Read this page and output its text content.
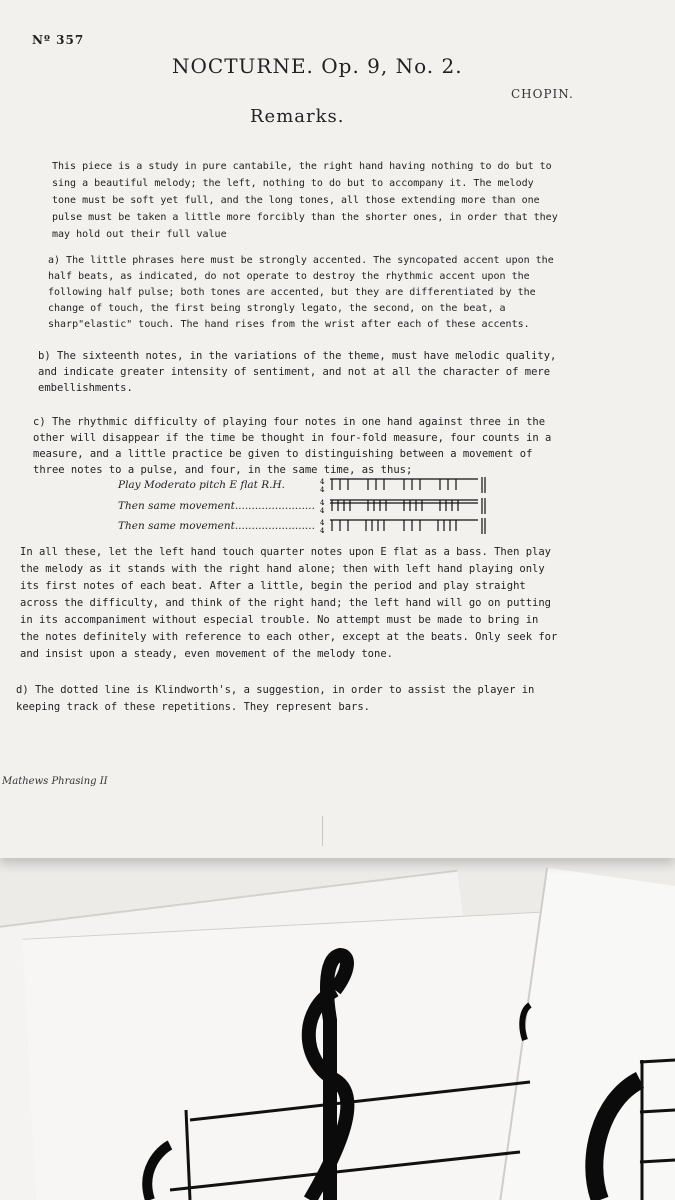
Nº 357
NOCTURNE. Op. 9, No. 2.
CHOPIN.
Remarks.
This piece is a study in pure cantabile, the right hand having nothing to do but to sing a beautiful melody; the left, nothing to do but to accompany it. The melody tone must be soft yet full, and the long tones, all those extending more than one pulse must be taken a little more forcibly than the shorter ones, in order that they may hold out their full value
a) The little phrases here must be strongly accented. The syncopated accent upon the half beats, as indicated, do not operate to destroy the rhythmic accent upon the following half pulse; both tones are accented, but they are differentiated by the change of touch, the first being strongly legato, the second, on the beat, a sharp"elastic" touch. The hand rises from the wrist after each of these accents.
b) The sixteenth notes, in the variations of the theme, must have melodic quality, and indicate greater intensity of sentiment, and not at all the character of mere embellishments.
c) The rhythmic difficulty of playing four notes in one hand against three in the other will disappear if the time be thought in four-fold measure, four counts in a measure, and a little practice be given to distinguishing between a movement of three notes to a pulse, and four, in the same time, as thus;
Play Moderato pitch E flat R.H.	4
4
Then same movement........................ 4
4
Then same movement........................ 4
4
In all these, let the left hand touch quarter notes upon E flat as a bass. Then play the melody as it stands with the right hand alone; then with left hand playing only its first notes of each beat. After a little, begin the period and play straight across the difficulty, and think of the right hand; the left hand will go on putting in its accompaniment without especial trouble. No attempt must be made to bring in the notes definitely with reference to each other, except at the beats. Only seek for and insist upon a steady, even movement of the melody tone.
d) The dotted line is Klindworth's, a suggestion, in order to assist the player in keeping track of these repetitions. They represent bars.
Mathews Phrasing II
